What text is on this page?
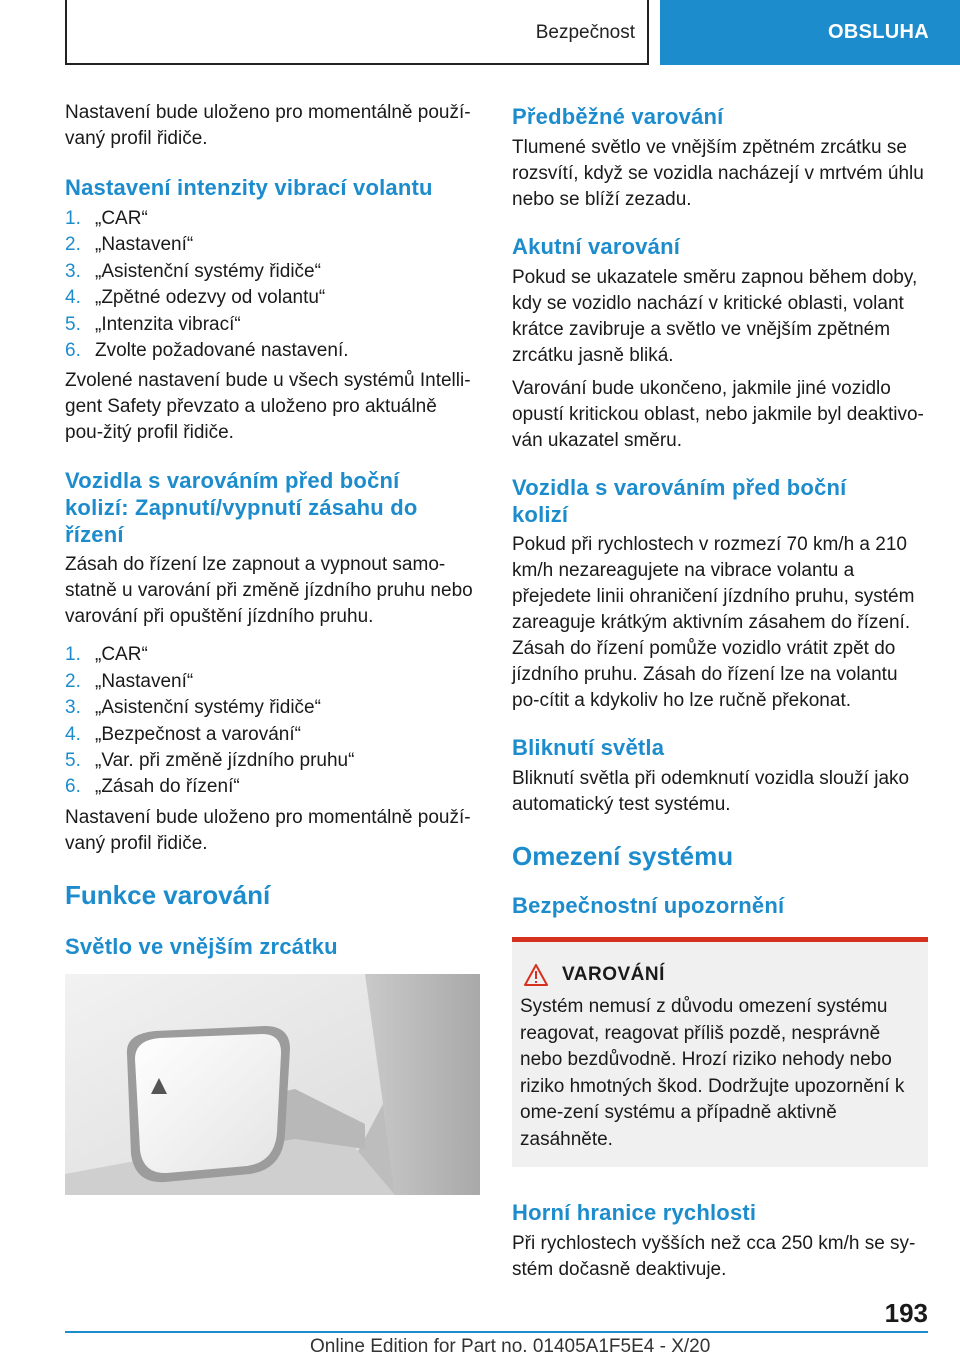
Bezpečnost	OBSLUHA

Nastavení bude uloženo pro momentálně použí-vaný profil řidiče.

Nastavení intenzity vibrací volantu
1. „CAR“
2. „Nastavení“
3. „Asistenční systémy řidiče“
4. „Zpětné odezvy od volantu“
5. „Intenzita vibrací“
6. Zvolte požadované nastavení.

Zvolené nastavení bude u všech systémů Intelli-gent Safety převzato a uloženo pro aktuálně pou-žitý profil řidiče.

Vozidla s varováním před boční kolizí: Zapnutí/vypnutí zásahu do řízení

Zásah do řízení lze zapnout a vypnout samo-statně u varování při změně jízdního pruhu nebo varování při opuštění jízdního pruhu.

1. „CAR“
2. „Nastavení“
3. „Asistenční systémy řidiče“
4. „Bezpečnost a varování“
5. „Var. při změně jízdního pruhu“
6. „Zásah do řízení“

Nastavení bude uloženo pro momentálně použí-vaný profil řidiče.

Funkce varování
Světlo ve vnějším zrcátku
Předběžné varování

Tlumené světlo ve vnějším zpětném zrcátku se rozsvítí, když se vozidla nacházejí v mrtvém úhlu nebo se blíží zezadu.

Akutní varování

Pokud se ukazatele směru zapnou během doby, kdy se vozidlo nachází v kritické oblasti, volant krátce zavibruje a světlo ve vnějším zpětném zrcátku jasně bliká.

Varování bude ukončeno, jakmile jiné vozidlo opustí kritickou oblast, nebo jakmile byl deaktivo-ván ukazatel směru.

Vozidla s varováním před boční kolizí

Pokud při rychlostech v rozmezí 70 km/h a 210 km/h nezareagujete na vibrace volantu a přejedete linii ohraničení jízdního pruhu, systém zareaguje krátkým aktivním zásahem do řízení. Zásah do řízení pomůže vozidlo vrátit zpět do jízdního pruhu. Zásah do řízení lze na volantu po-cítit a kdykoliv ho lze ručně překonat.

Bliknutí světla

Bliknutí světla při odemknutí vozidla slouží jako automatický test systému.

Omezení systému
Bezpečnostní upozornění
VAROVÁNÍ

Systém nemusí z důvodu omezení systému reagovat, reagovat příliš pozdě, nesprávně nebo bezdůvodně. Hrozí riziko nehody nebo riziko hmotných škod. Dodržujte upozornění k ome-zení systému a případně aktivně zasáhněte.

Horní hranice rychlosti

Při rychlostech vyšších než cca 250 km/h se sy-stém dočasně deaktivuje.

193
Online Edition for Part no. 01405A1F5E4 - X/20
